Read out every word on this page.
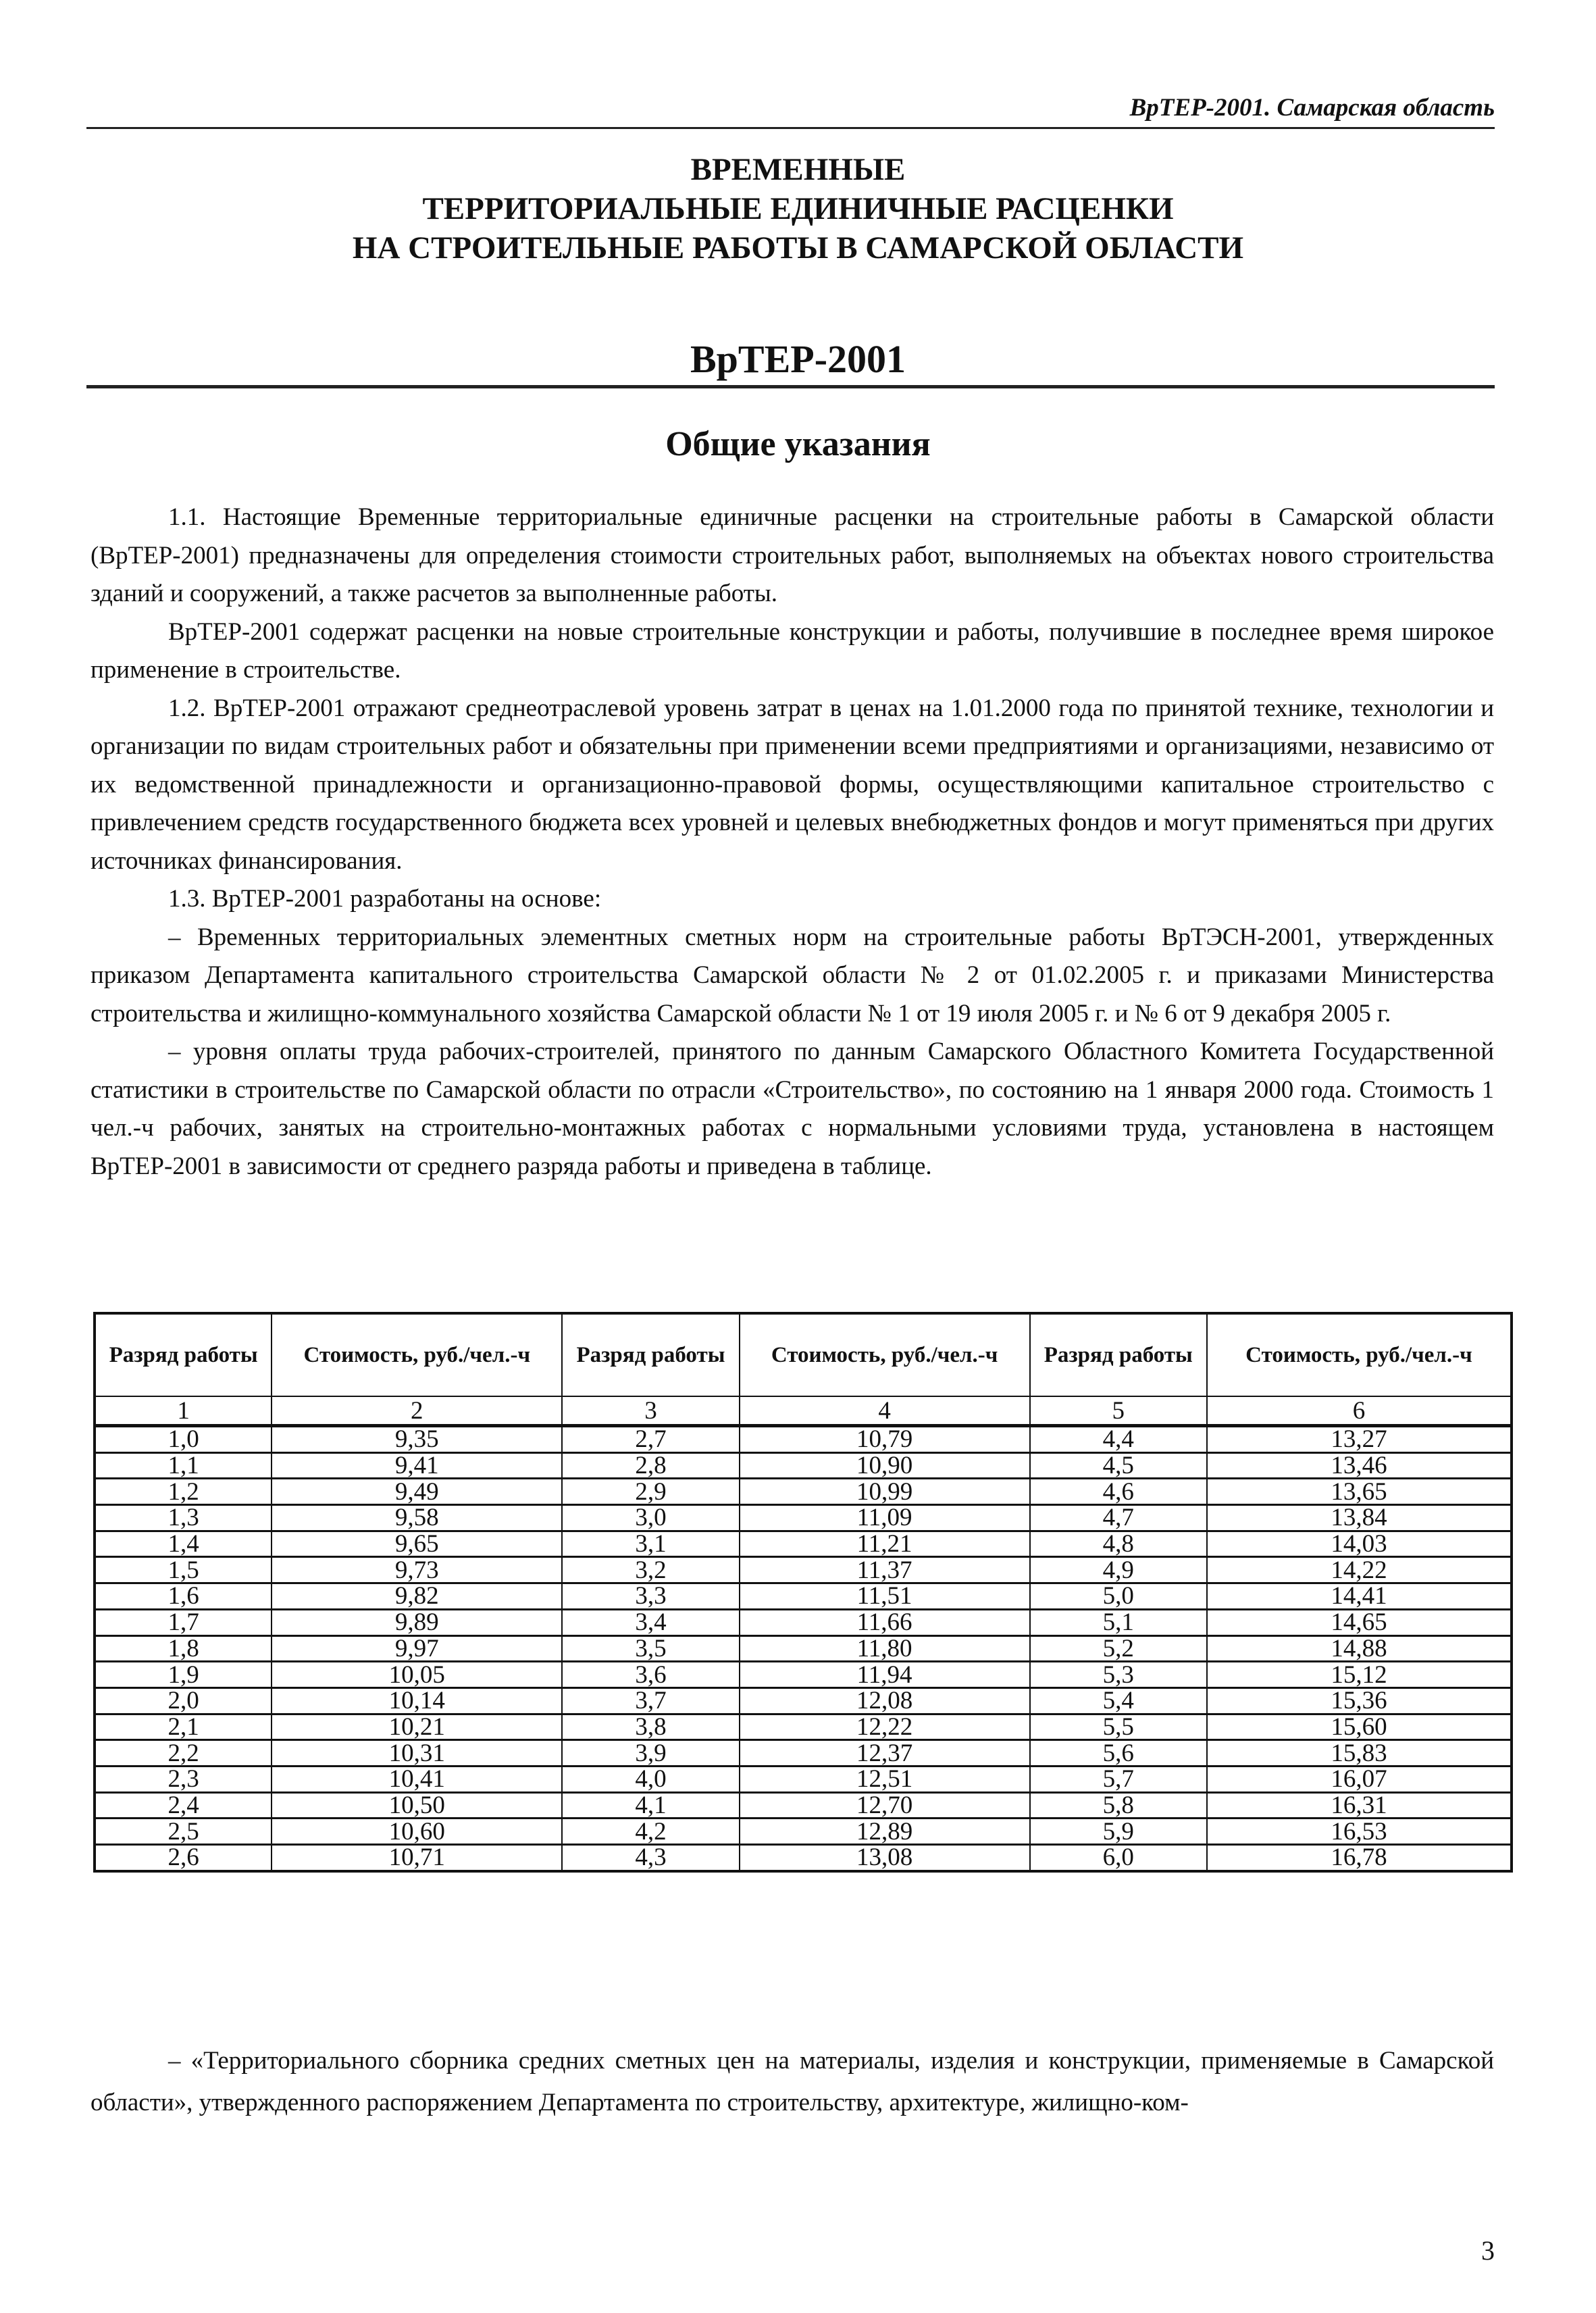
ВрТЕР-2001. Самарская область
ВРЕМЕННЫЕ
ТЕРРИТОРИАЛЬНЫЕ ЕДИНИЧНЫЕ РАСЦЕНКИ
НА СТРОИТЕЛЬНЫЕ РАБОТЫ В САМАРСКОЙ ОБЛАСТИ
ВрТЕР-2001
Общие указания

1.1. Настоящие Временные территориальные единичные расценки на строительные работы в Самарской области (ВрТЕР-2001) предназначены для определения стоимости строительных работ, выполняемых на объектах нового строительства зданий и сооружений, а также расчетов за выполненные работы.

ВрТЕР-2001 содержат расценки на новые строительные конструкции и работы, получившие в последнее время широкое применение в строительстве.

1.2. ВрТЕР-2001 отражают среднеотраслевой уровень затрат в ценах на 1.01.2000 года по принятой технике, технологии и организации по видам строительных работ и обязательны при применении всеми предприятиями и организациями, независимо от их ведомственной принадлежности и организационно-правовой формы, осуществляющими капитальное строительство с привлечением средств государственного бюджета всех уровней и целевых внебюджетных фондов и могут применяться при других источниках финансирования.

1.3. ВрТЕР-2001 разработаны на основе:

– Временных территориальных элементных сметных норм на строительные работы ВрТЭСН-2001, утвержденных приказом Департамента капитального строительства Самарской области № 2 от 01.02.2005 г. и приказами Министерства строительства и жилищно-коммунального хозяйства Самарской области № 1 от 19 июля 2005 г. и № 6 от 9 декабря 2005 г.

– уровня оплаты труда рабочих-строителей, принятого по данным Самарского Областного Комитета Государственной статистики в строительстве по Самарской области по отрасли «Строительство», по состоянию на 1 января 2000 года. Стоимость 1 чел.-ч рабочих, занятых на строительно-монтажных работах с нормальными условиями труда, установлена в настоящем ВрТЕР-2001 в зависимости от среднего разряда работы и приведена в таблице.

Разряд работы	Стоимость, руб./чел.-ч	Разряд работы	Стоимость, руб./чел.-ч	Разряд работы	Стоимость, руб./чел.-ч
1	2	3	4	5	6
1,0	9,35	2,7	10,79	4,4	13,27
1,1	9,41	2,8	10,90	4,5	13,46
1,2	9,49	2,9	10,99	4,6	13,65
1,3	9,58	3,0	11,09	4,7	13,84
1,4	9,65	3,1	11,21	4,8	14,03
1,5	9,73	3,2	11,37	4,9	14,22
1,6	9,82	3,3	11,51	5,0	14,41
1,7	9,89	3,4	11,66	5,1	14,65
1,8	9,97	3,5	11,80	5,2	14,88
1,9	10,05	3,6	11,94	5,3	15,12
2,0	10,14	3,7	12,08	5,4	15,36
2,1	10,21	3,8	12,22	5,5	15,60
2,2	10,31	3,9	12,37	5,6	15,83
2,3	10,41	4,0	12,51	5,7	16,07
2,4	10,50	4,1	12,70	5,8	16,31
2,5	10,60	4,2	12,89	5,9	16,53
2,6	10,71	4,3	13,08	6,0	16,78

– «Территориального сборника средних сметных цен на материалы, изделия и конструкции, применяемые в Самарской области», утвержденного распоряжением Департамента по строительству, архитектуре, жилищно-ком-

3
